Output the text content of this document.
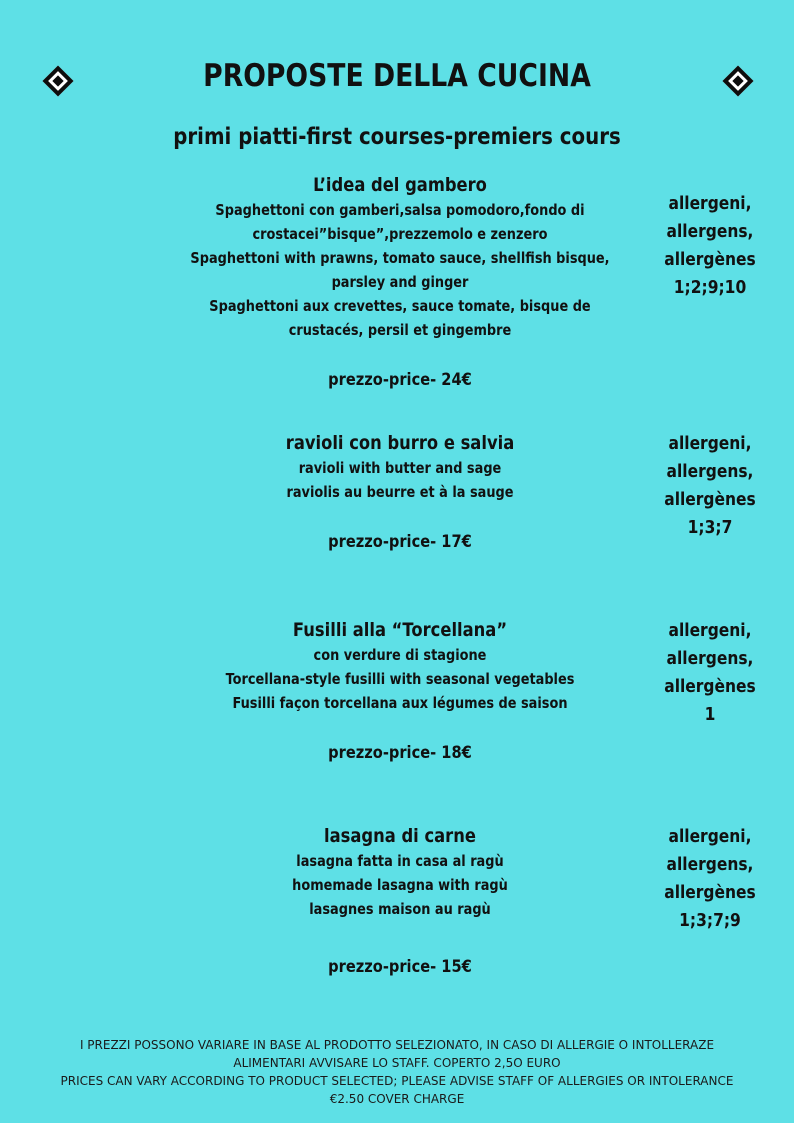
PROPOSTE DELLA CUCINA
primi piatti-first courses-premiers cours
L’idea del gambero
Spaghettoni con gamberi,salsa pomodoro,fondo di
crostacei”bisque”,prezzemolo e zenzero
Spaghettoni with prawns, tomato sauce, shellfish bisque,
parsley and ginger
Spaghettoni aux crevettes, sauce tomate, bisque de
crustacés, persil et gingembre
prezzo-price- 24€
allergeni,
allergens,
allergènes
1;2;9;10
ravioli con burro e salvia
ravioli with butter and sage
raviolis au beurre et à la sauge
prezzo-price- 17€
allergeni,
allergens,
allergènes
1;3;7
Fusilli alla “Torcellana”
con verdure di stagione
Torcellana-style fusilli with seasonal vegetables
Fusilli façon torcellana aux légumes de saison
prezzo-price- 18€
allergeni,
allergens,
allergènes
1
lasagna di carne
lasagna fatta in casa al ragù
homemade lasagna with ragù
lasagnes maison au ragù
prezzo-price- 15€
allergeni,
allergens,
allergènes
1;3;7;9
I PREZZI POSSONO VARIARE IN BASE AL PRODOTTO SELEZIONATO, IN CASO DI ALLERGIE O INTOLLERAZE
ALIMENTARI AVVISARE LO STAFF. COPERTO 2,5O EURO
PRICES CAN VARY ACCORDING TO PRODUCT SELECTED; PLEASE ADVISE STAFF OF ALLERGIES OR INTOLERANCE
€2.50 COVER CHARGE
